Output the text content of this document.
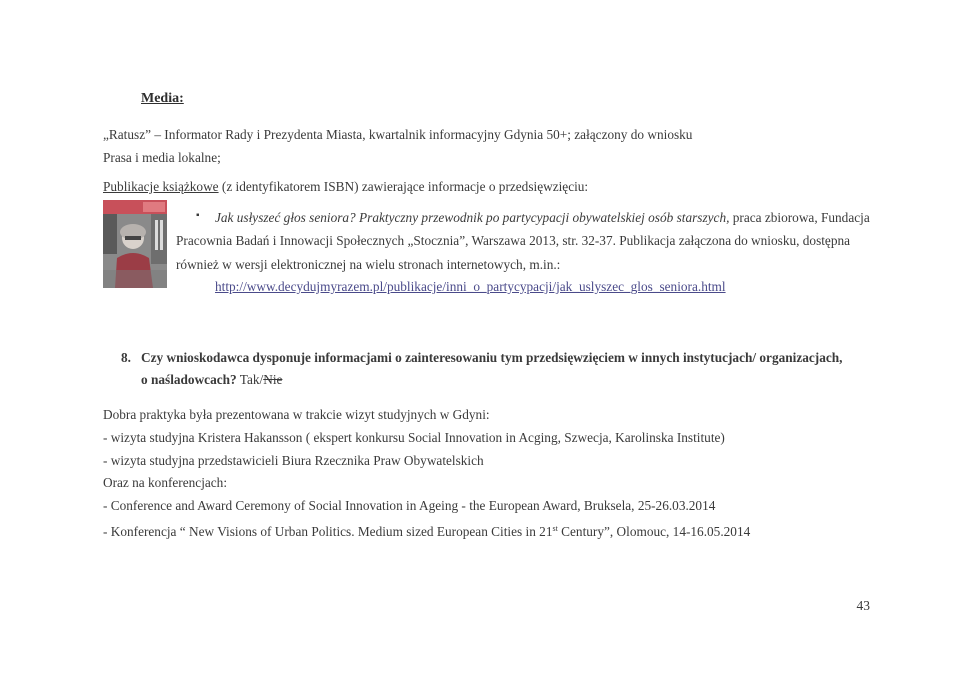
Media:
„Ratusz” – Informator Rady i Prezydenta Miasta, kwartalnik informacyjny Gdynia 50+; załączony do wniosku
Prasa i media lokalne;
Publikacje książkowe (z identyfikatorem ISBN) zawierające informacje o przedsięwzięciu:
▪ Jak usłyszeć głos seniora? Praktyczny przewodnik po partycypacji obywatelskiej osób starszych, praca zbiorowa, Fundacja
Pracownia Badań i Innowacji Społecznych „Stocznia”, Warszawa 2013, str. 32-37. Publikacja załączona do wniosku, dostępna
również w wersji elektronicznej na wielu stronach internetowych, m.in.:
http://www.decydujmyrazem.pl/publikacje/inni_o_partycypacji/jak_uslyszec_glos_seniora.html
8. Czy wnioskodawca dysponuje informacjami o zainteresowaniu tym przedsięwzięciem w innych instytucjach/ organizacjach,
o naśladowcach? Tak/Nie
Dobra praktyka była prezentowana w trakcie wizyt studyjnych w Gdyni:
- wizyta studyjna Kristera Hakansson ( ekspert konkursu Social Innovation in Acging, Szwecja, Karolinska Institute)
- wizyta studyjna przedstawicieli Biura Rzecznika Praw Obywatelskich
Oraz na konferencjach:
- Conference and Award Ceremony of Social Innovation in Ageing - the European Award, Bruksela, 25-26.03.2014
- Konferencja “ New Visions of Urban Politics. Medium sized European Cities in 21st Century”, Olomouc, 14-16.05.2014
43
